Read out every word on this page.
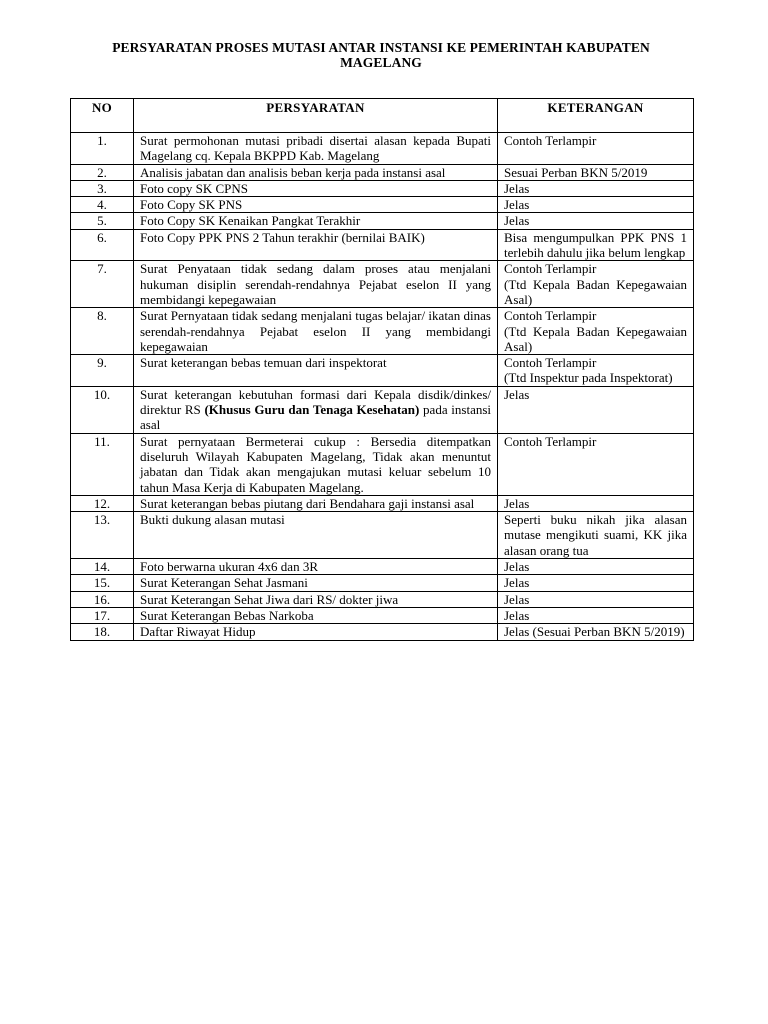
PERSYARATAN PROSES MUTASI ANTAR INSTANSI KE PEMERINTAH KABUPATEN
MAGELANG
NO	PERSYARATAN	KETERANGAN
1.	Surat permohonan mutasi pribadi disertai alasan kepada Bupati Magelang cq. Kepala BKPPD Kab. Magelang	Contoh Terlampir
2.	Analisis jabatan dan analisis beban kerja pada instansi asal	Sesuai Perban BKN 5/2019
3.	Foto copy SK CPNS	Jelas
4.	Foto Copy SK PNS	Jelas
5.	Foto Copy SK Kenaikan Pangkat Terakhir	Jelas
6.	Foto Copy PPK PNS 2 Tahun terakhir (bernilai BAIK)	Bisa mengumpulkan PPK PNS 1 terlebih dahulu jika belum lengkap
7.	Surat Penyataan tidak sedang dalam proses atau menjalani hukuman disiplin serendah-rendahnya Pejabat eselon II yang membidangi kepegawaian	Contoh Terlampir
(Ttd Kepala Badan Kepegawaian Asal)

8.	Surat Pernyataan tidak sedang menjalani tugas belajar/ ikatan dinas serendah-rendahnya Pejabat eselon II yang membidangi kepegawaian	Contoh Terlampir
(Ttd Kepala Badan Kepegawaian Asal)

9.	Surat keterangan bebas temuan dari inspektorat	Contoh Terlampir
(Ttd Inspektur pada Inspektorat)

10.	Surat keterangan kebutuhan formasi dari Kepala disdik/dinkes/ direktur RS (Khusus Guru dan Tenaga Kesehatan) pada instansi asal	Jelas
11.	Surat pernyataan Bermeterai cukup : Bersedia ditempatkan diseluruh Wilayah Kabupaten Magelang, Tidak akan menuntut jabatan dan Tidak akan mengajukan mutasi keluar sebelum 10 tahun Masa Kerja di Kabupaten Magelang.	Contoh Terlampir
12.	Surat keterangan bebas piutang dari Bendahara gaji instansi asal	Jelas
13.	Bukti dukung alasan mutasi	Seperti buku nikah jika alasan mutase mengikuti suami, KK jika alasan orang tua
14.	Foto berwarna ukuran 4x6 dan 3R	Jelas
15.	Surat Keterangan Sehat Jasmani	Jelas
16.	Surat Keterangan Sehat Jiwa dari RS/ dokter jiwa	Jelas
17.	Surat Keterangan Bebas Narkoba	Jelas
18.	Daftar Riwayat Hidup	Jelas (Sesuai Perban BKN 5/2019)
